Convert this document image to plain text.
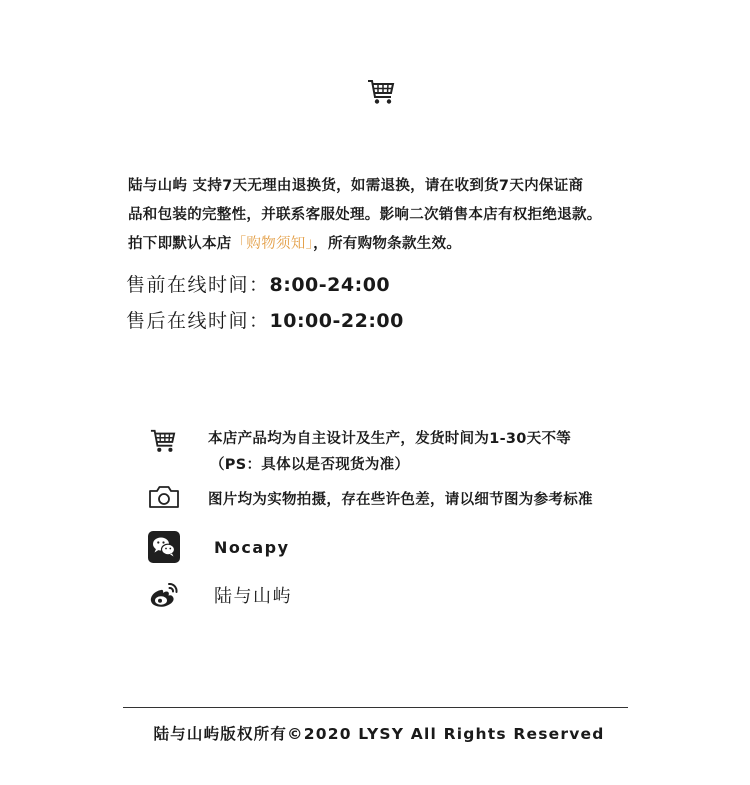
陆与山屿 支持7天无理由退换货，如需退换，请在收到货7天内保证商
品和包装的完整性，并联系客服处理。影响二次销售本店有权拒绝退款。
拍下即默认本店「购物须知」，所有购物条款生效。
售前在线时间：8:00-24:00
售后在线时间：10:00-22:00
本店产品均为自主设计及生产，发货时间为1-30天不等
（PS：具体以是否现货为准）
图片均为实物拍摄，存在些许色差，请以细节图为参考标准
Nocapy
陆与山屿
陆与山屿版权所有©2020 LYSY All Rights Reserved
